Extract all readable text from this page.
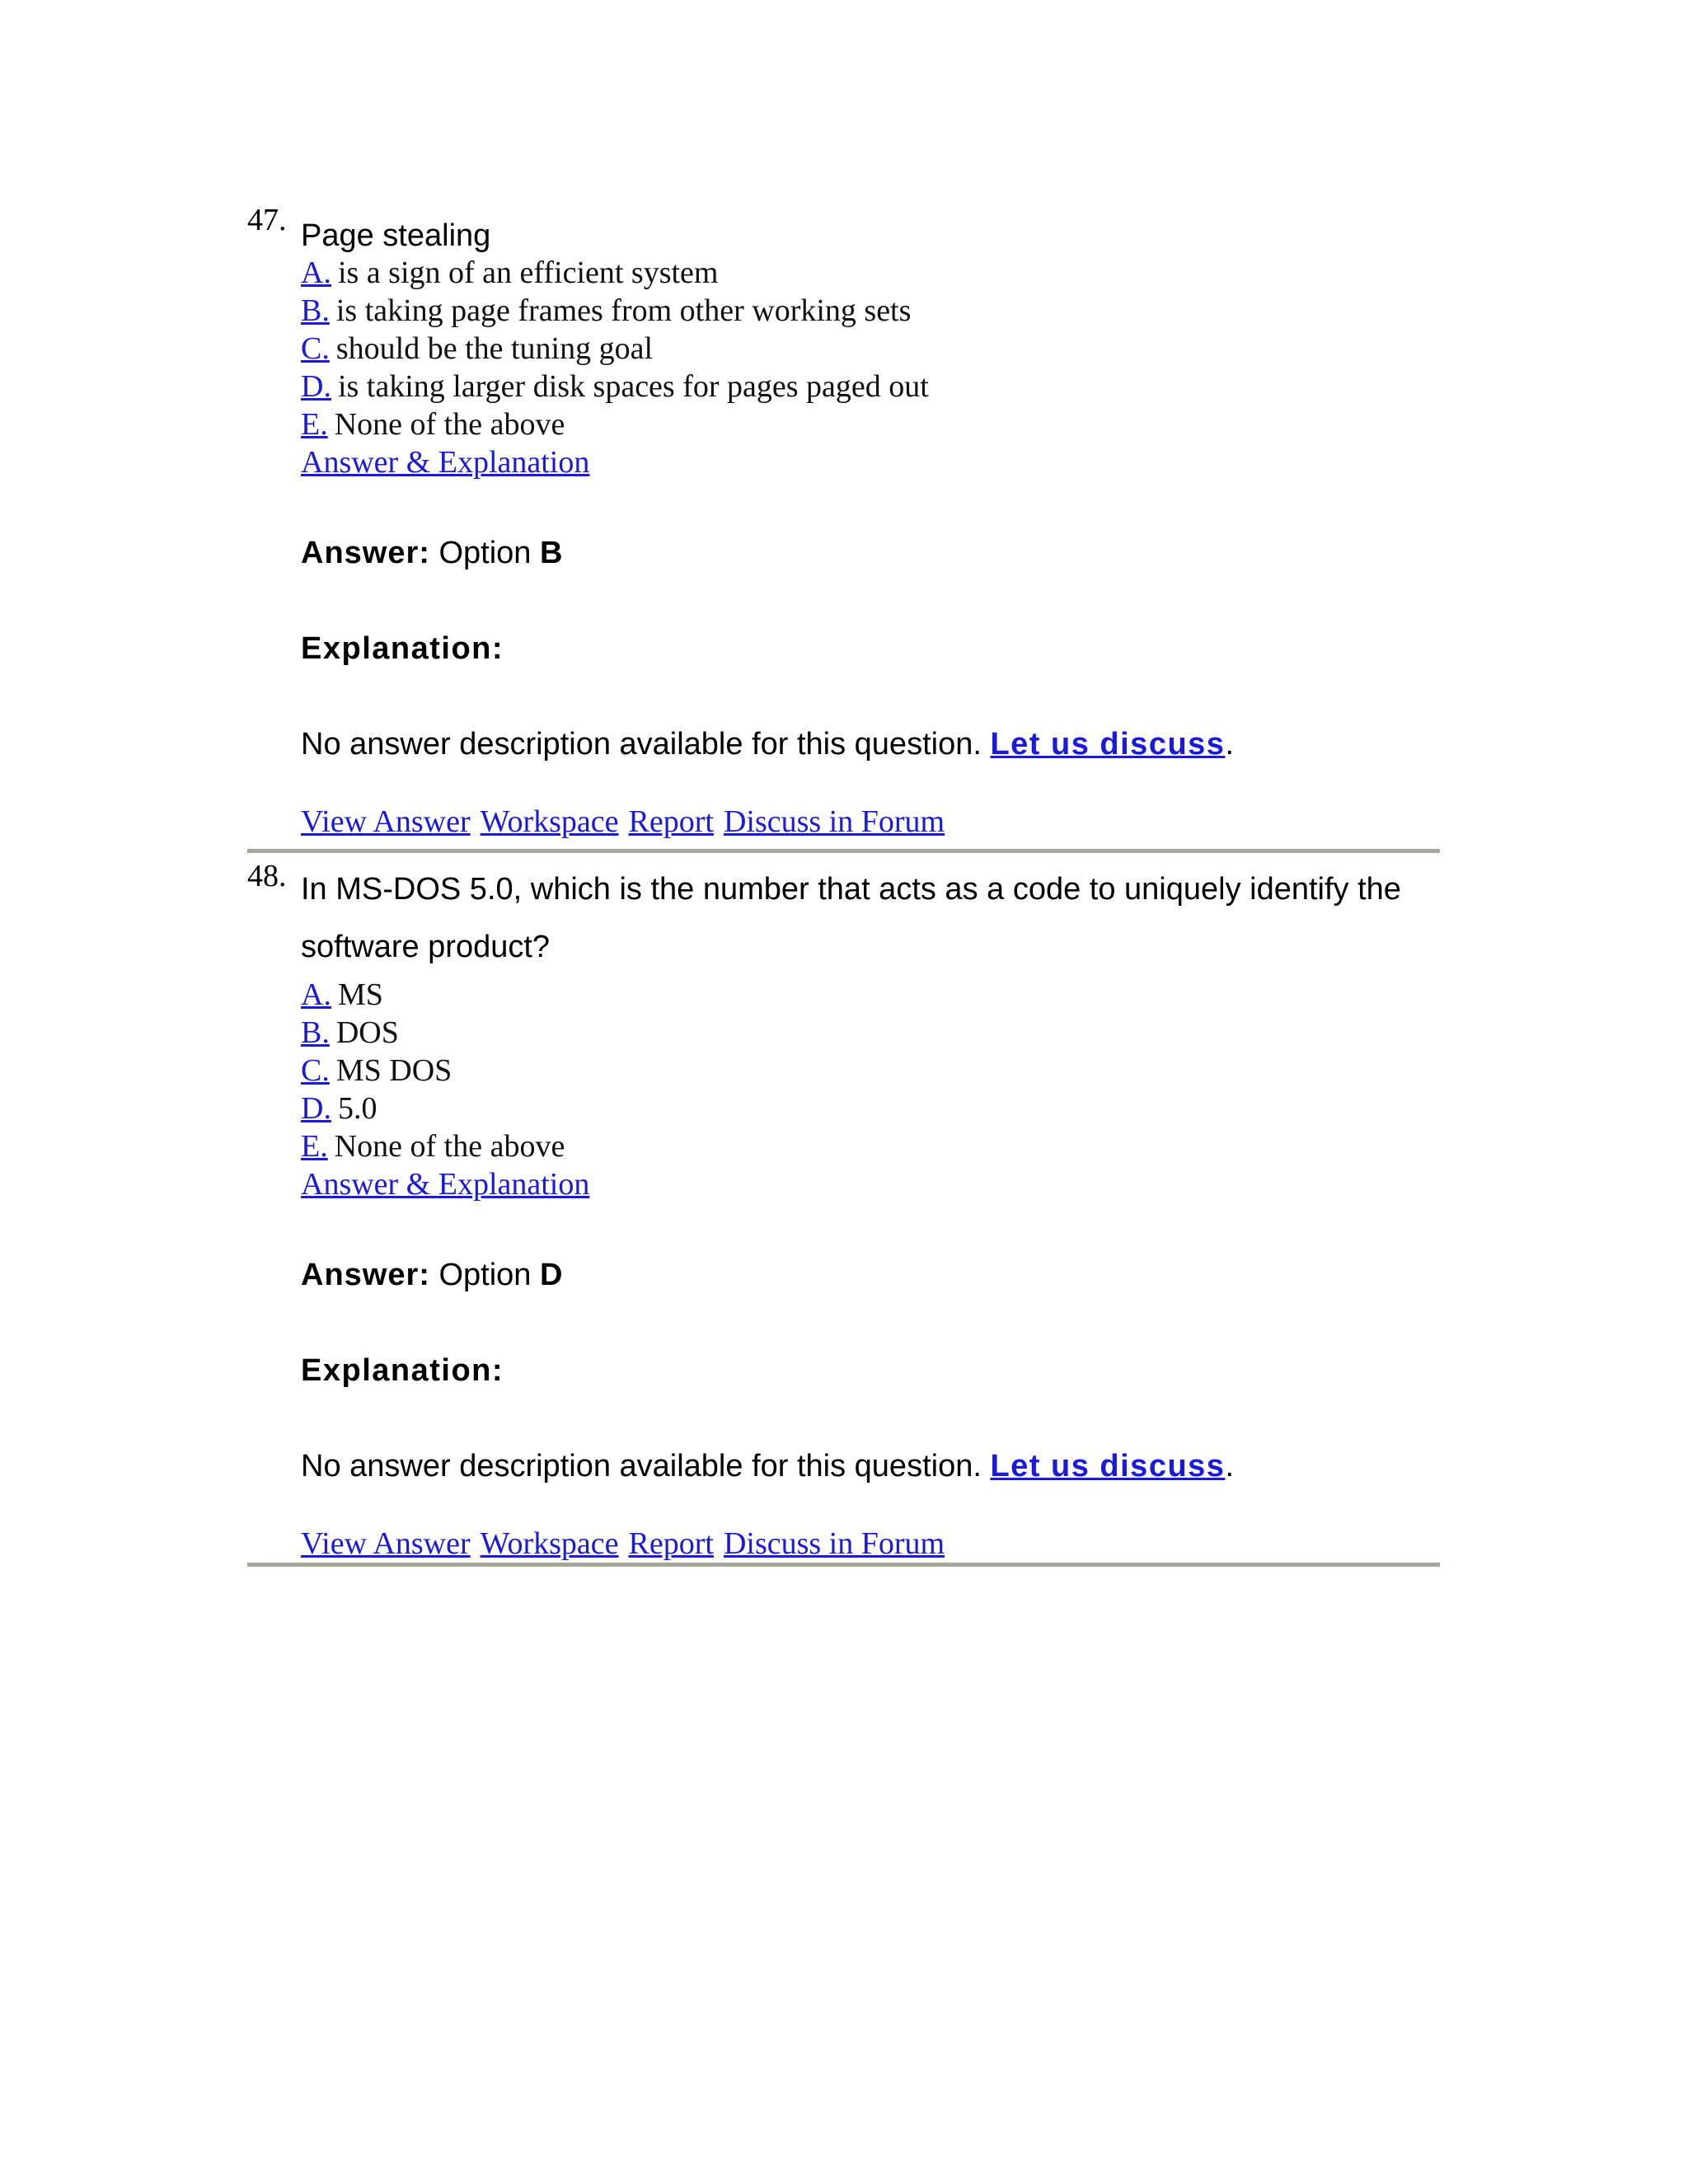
47. Page stealing

A. is a sign of an efficient system
B. is taking page frames from other working sets
C. should be the tuning goal
D. is taking larger disk spaces for pages paged out
E. None of the above
Answer & Explanation
Answer: Option B
Explanation:
No answer description available for this question. Let us discuss.
View Answer Workspace Report Discuss in Forum
48. In MS-DOS 5.0, which is the number that acts as a code to uniquely identify the software product?

A. MS
B. DOS
C. MS DOS
D. 5.0
E. None of the above
Answer & Explanation
Answer: Option D
Explanation:
No answer description available for this question. Let us discuss.
View Answer Workspace Report Discuss in Forum
